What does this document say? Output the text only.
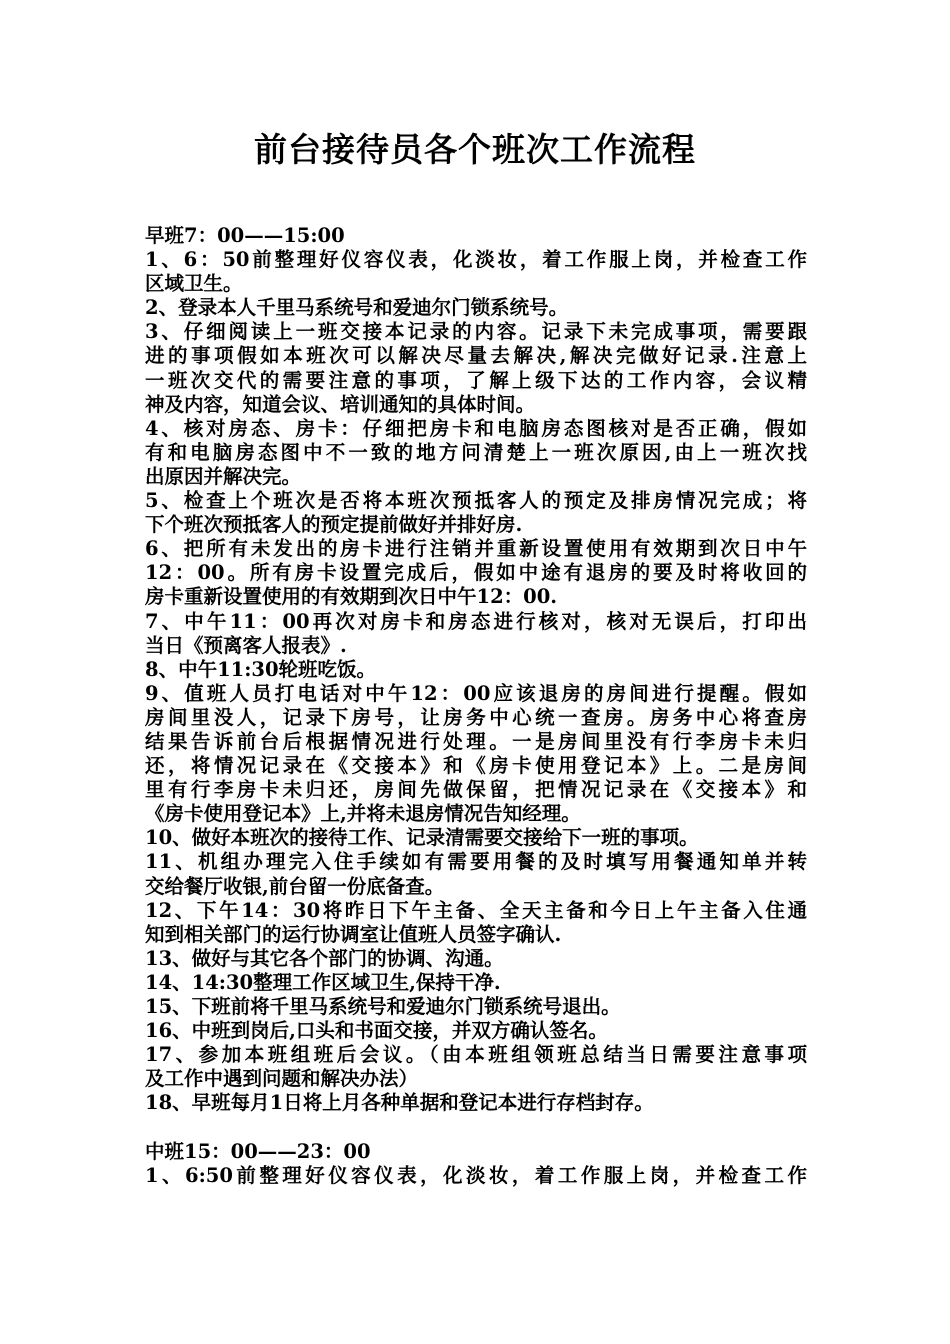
前台接待员各个班次工作流程
早班7：00——15:00
1、6：50前整理好仪容仪表，化淡妆，着工作服上岗，并检查工作
区域卫生。
2、登录本人千里马系统号和爱迪尔门锁系统号。
3、仔细阅读上一班交接本记录的内容。记录下未完成事项，需要跟
进的事项假如本班次可以解决尽量去解决,解决完做好记录.注意上
一班次交代的需要注意的事项，了解上级下达的工作内容，会议精
神及内容，知道会议、培训通知的具体时间。
4、核对房态、房卡：仔细把房卡和电脑房态图核对是否正确，假如
有和电脑房态图中不一致的地方问清楚上一班次原因,由上一班次找
出原因并解决完。
5、检查上个班次是否将本班次预抵客人的预定及排房情况完成；将
下个班次预抵客人的预定提前做好并排好房.
6、把所有未发出的房卡进行注销并重新设置使用有效期到次日中午
12：00。所有房卡设置完成后，假如中途有退房的要及时将收回的
房卡重新设置使用的有效期到次日中午12：00.
7、中午11：00再次对房卡和房态进行核对，核对无误后，打印出
当日《预离客人报表》.
8、中午11:30轮班吃饭。
9、值班人员打电话对中午12：00应该退房的房间进行提醒。假如
房间里没人，记录下房号，让房务中心统一查房。房务中心将查房
结果告诉前台后根据情况进行处理。一是房间里没有行李房卡未归
还，将情况记录在《交接本》和《房卡使用登记本》上。二是房间
里有行李房卡未归还，房间先做保留，把情况记录在《交接本》和
《房卡使用登记本》上,并将未退房情况告知经理。
10、做好本班次的接待工作、记录清需要交接给下一班的事项。
11、机组办理完入住手续如有需要用餐的及时填写用餐通知单并转
交给餐厅收银,前台留一份底备查。
12、下午14：30将昨日下午主备、全天主备和今日上午主备入住通
知到相关部门的运行协调室让值班人员签字确认.
13、做好与其它各个部门的协调、沟通。
14、14:30整理工作区域卫生,保持干净.
15、下班前将千里马系统号和爱迪尔门锁系统号退出。
16、中班到岗后,口头和书面交接，并双方确认签名。
17、参加本班组班后会议。（由本班组领班总结当日需要注意事项
及工作中遇到问题和解决办法）
18、早班每月1日将上月各种单据和登记本进行存档封存。
中班15：00——23：00
1、6:50前整理好仪容仪表，化淡妆，着工作服上岗，并检查工作
